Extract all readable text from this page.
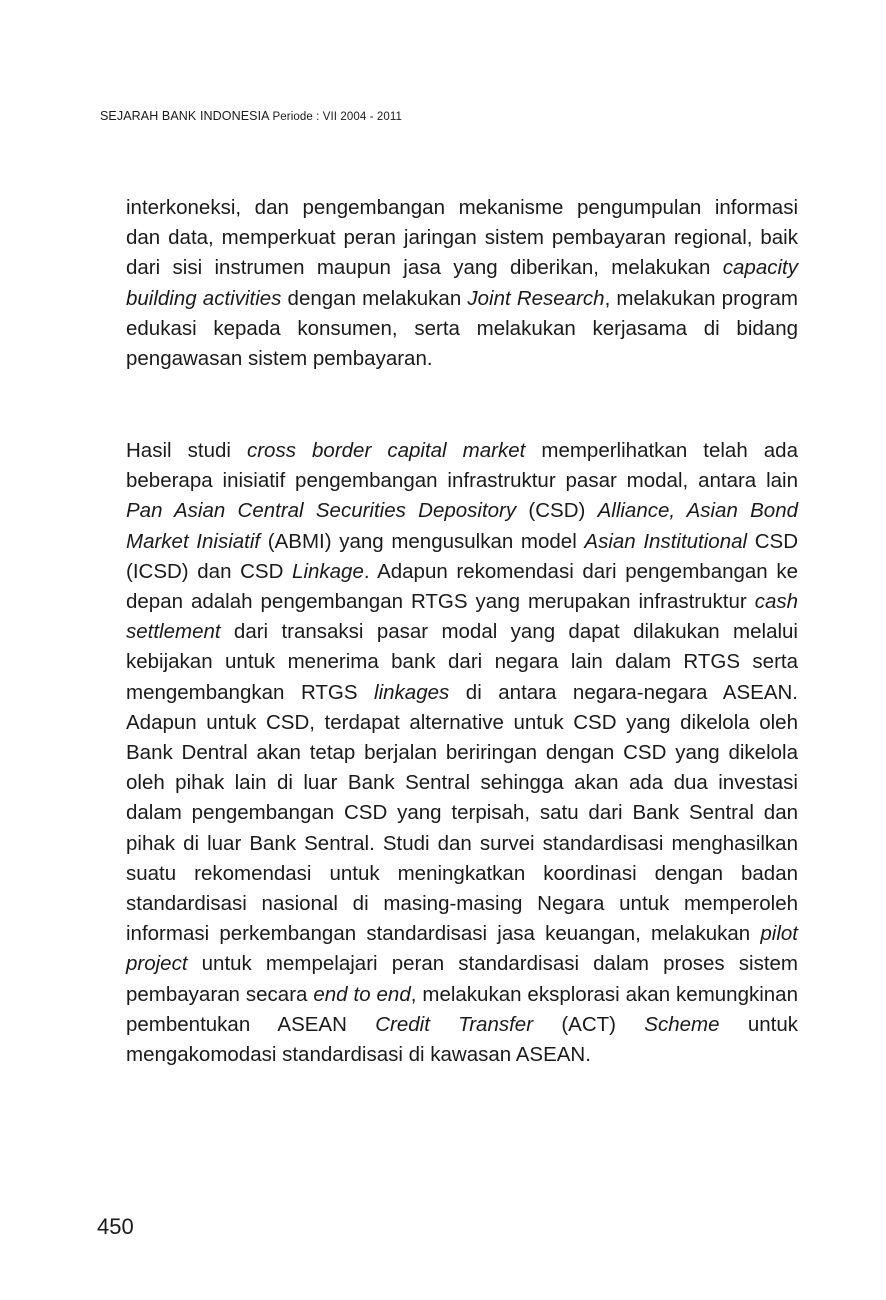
SEJARAH BANK INDONESIA Periode : VII 2004 - 2011

interkoneksi, dan pengembangan mekanisme pengumpulan informasi dan data, memperkuat peran jaringan sistem pembayaran regional, baik dari sisi instrumen maupun jasa yang diberikan, melakukan capacity building activities dengan melakukan Joint Research, melakukan program edukasi kepada konsumen, serta melakukan kerjasama di bidang pengawasan sistem pembayaran.

Hasil studi cross border capital market memperlihatkan telah ada beberapa inisiatif pengembangan infrastruktur pasar modal, antara lain Pan Asian Central Securities Depository (CSD) Alliance, Asian Bond Market Inisiatif (ABMI) yang mengusulkan model Asian Institutional CSD (ICSD) dan CSD Linkage. Adapun rekomendasi dari pengembangan ke depan adalah pengembangan RTGS yang merupakan infrastruktur cash settlement dari transaksi pasar modal yang dapat dilakukan melalui kebijakan untuk menerima bank dari negara lain dalam RTGS serta mengembangkan RTGS linkages di antara negara-negara ASEAN. Adapun untuk CSD, terdapat alternative untuk CSD yang dikelola oleh Bank Dentral akan tetap berjalan beriringan dengan CSD yang dikelola oleh pihak lain di luar Bank Sentral sehingga akan ada dua investasi dalam pengembangan CSD yang terpisah, satu dari Bank Sentral dan pihak di luar Bank Sentral. Studi dan survei standardisasi menghasilkan suatu rekomendasi untuk meningkatkan koordinasi dengan badan standardisasi nasional di masing-masing Negara untuk memperoleh informasi perkembangan standardisasi jasa keuangan, melakukan pilot project untuk mempelajari peran standardisasi dalam proses sistem pembayaran secara end to end, melakukan eksplorasi akan kemungkinan pembentukan ASEAN Credit Transfer (ACT) Scheme untuk mengakomodasi standardisasi di kawasan ASEAN.

450
